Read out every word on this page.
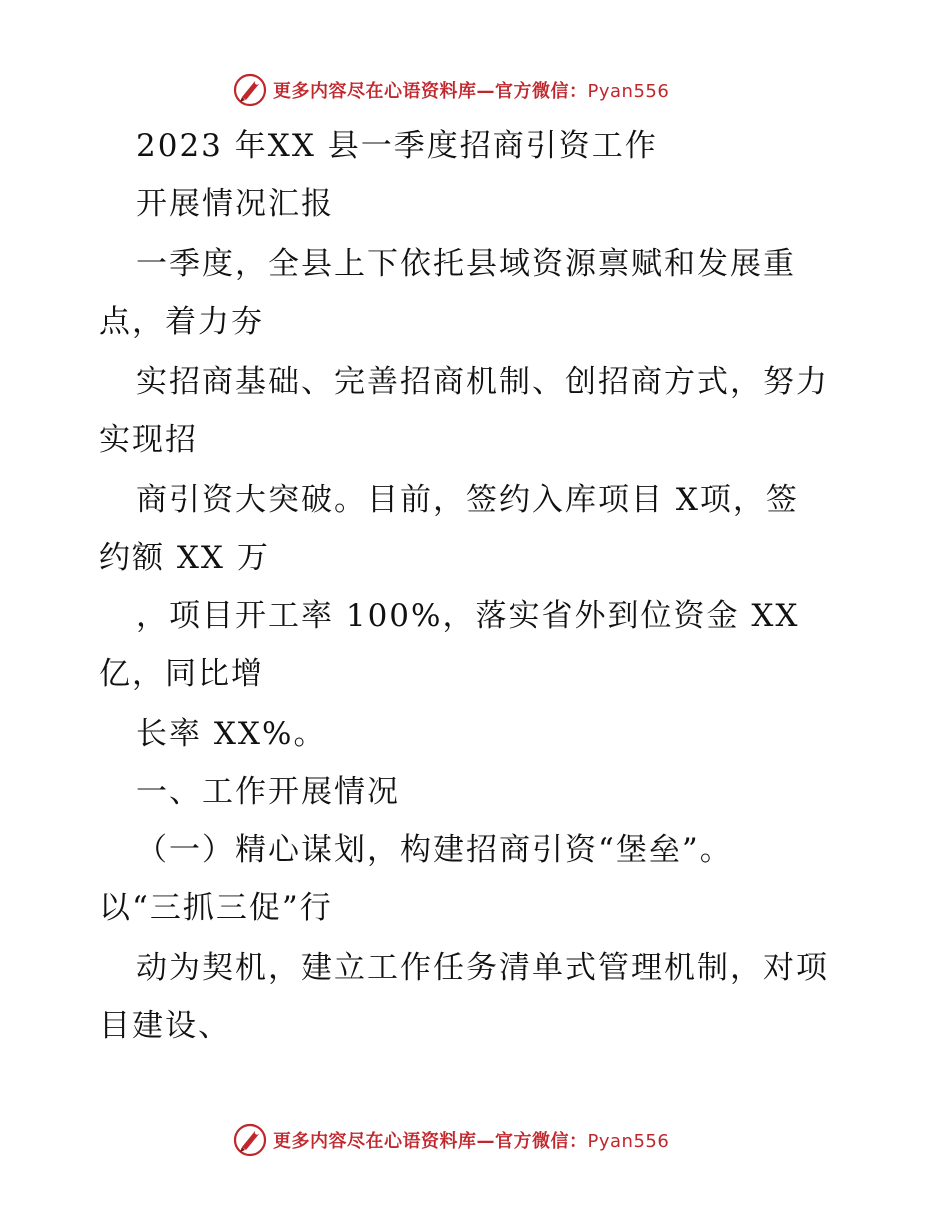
更多内容尽在心语资料库—官方微信：Pyan556
2023 年XX 县一季度招商引资工作
开展情况汇报
一季度，全县上下依托县域资源禀赋和发展重
点，着力夯
实招商基础、完善招商机制、创招商方式，努力
实现招
商引资大突破。目前，签约入库项目 X项，签
约额 XX 万
，项目开工率 100%，落实省外到位资金 XX
亿，同比增
长率 XX%。
一、工作开展情况
（一）精心谋划，构建招商引资“堡垒”。
以“三抓三促”行
动为契机，建立工作任务清单式管理机制，对项
目建设、
更多内容尽在心语资料库—官方微信：Pyan556
